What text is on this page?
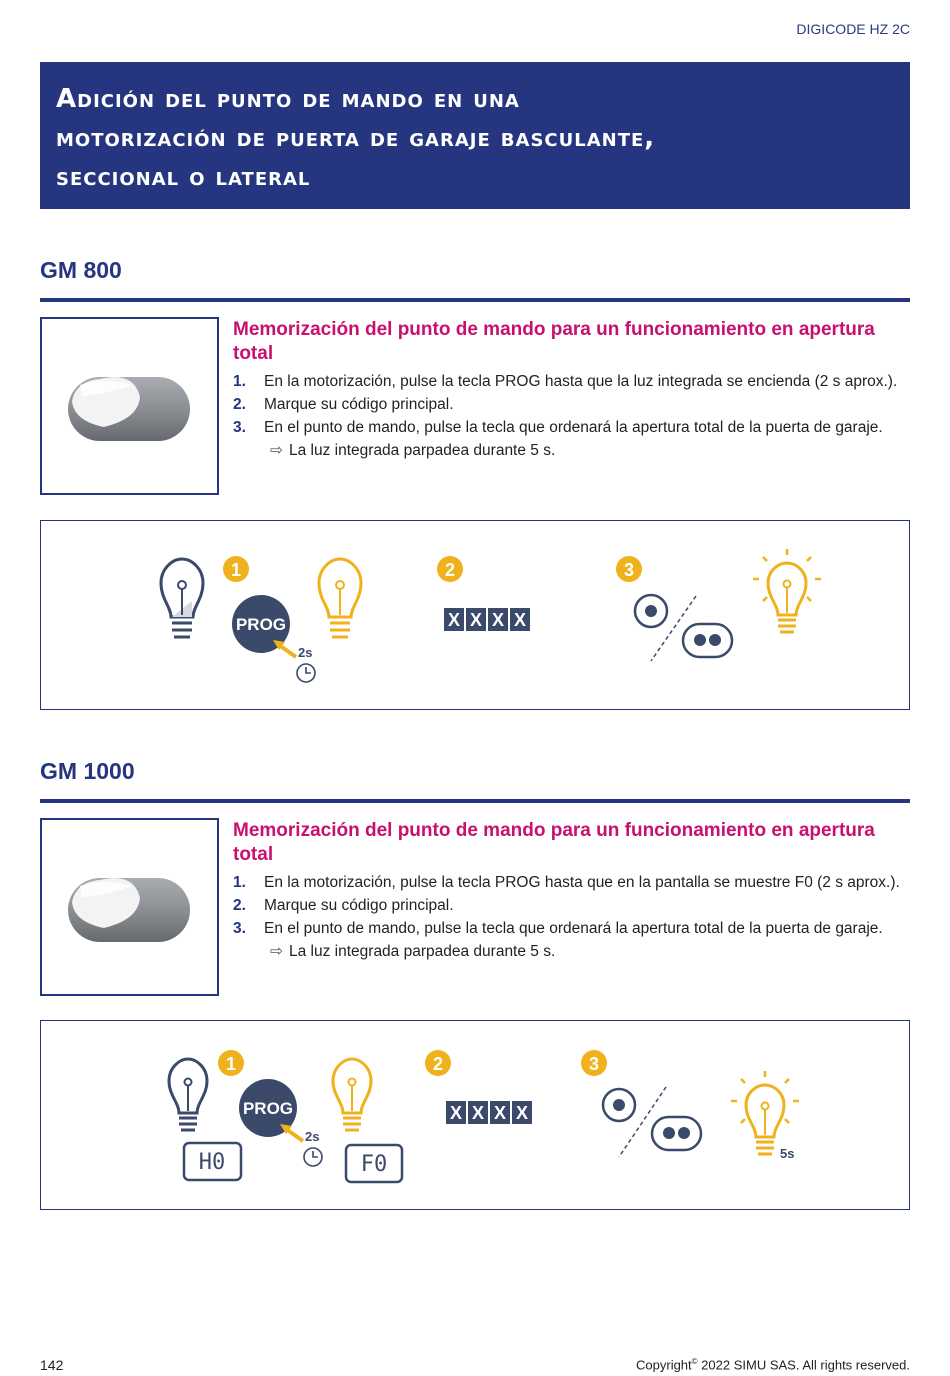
DIGICODE HZ 2C
Adición del punto de mando en una
motorización de puerta de garaje basculante,
seccional o lateral
GM 800
Memorización del punto de mando para un funcionamiento en apertura total
1. En la motorización, pulse la tecla PROG hasta que la luz integrada se encienda (2 s aprox.).
2. Marque su código principal.
3. En el punto de mando, pulse la tecla que ordenará la apertura total de la puerta de garaje.
⇨ La luz integrada parpadea durante 5 s.
1
PROG
2s
2
X X X X
3
GM 1000
Memorización del punto de mando para un funcionamiento en apertura total
1. En la motorización, pulse la tecla PROG hasta que en la pantalla se muestre F0 (2 s aprox.).
2. Marque su código principal.
3. En el punto de mando, pulse la tecla que ordenará la apertura total de la puerta de garaje.
⇨ La luz integrada parpadea durante 5 s.
1
H0
PROG
2s
F0
2
X X X X
3
5s
142	Copyright© 2022 SIMU SAS. All rights reserved.
